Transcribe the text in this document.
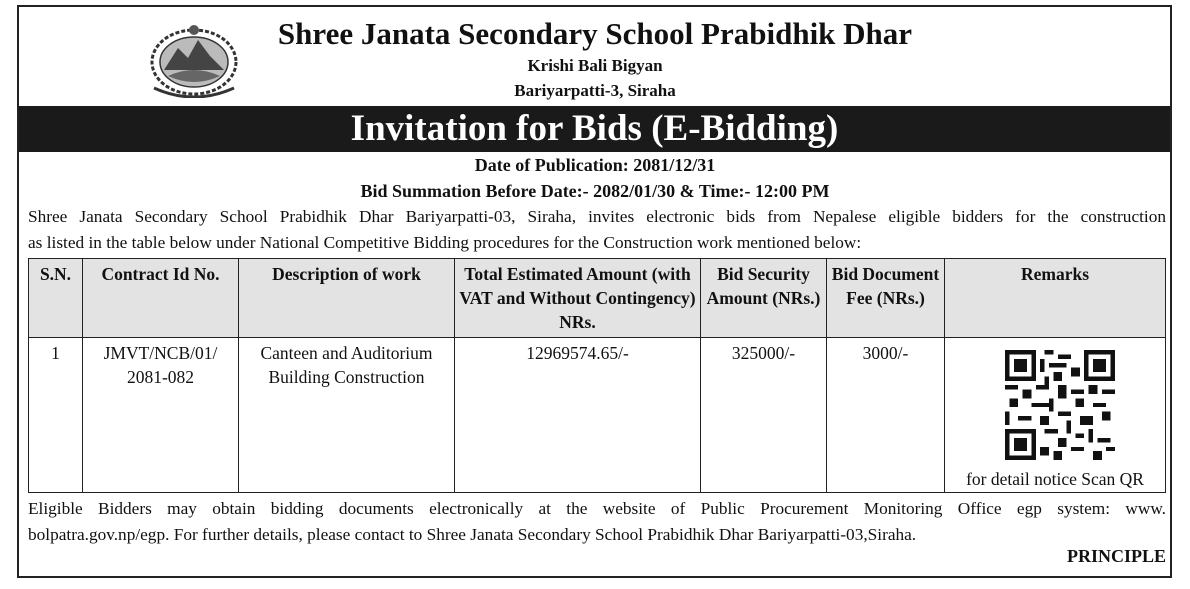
Shree Janata Secondary School Prabidhik Dhar
Krishi Bali Bigyan
Bariyarpatti-3, Siraha
Invitation for Bids (E-Bidding)
Date of Publication: 2081/12/31
Bid Summation Before Date:- 2082/01/30 & Time:- 12:00 PM
Shree Janata Secondary School Prabidhik Dhar Bariyarpatti-03, Siraha, invites electronic bids from Nepalese eligible bidders for the construction
as listed in the table below under National Competitive Bidding procedures for the Construction work mentioned below:
S.N.	Contract Id No.	Description of work	Total Estimated Amount (with VAT and Without Contingency) NRs.	Bid Security Amount (NRs.)	Bid Document Fee (NRs.)	Remarks
1	JMVT/NCB/01/ 2081-082	Canteen and Auditorium Building Construction	12969574.65/-	325000/-	3000/-	for detail notice Scan QR
Eligible Bidders may obtain bidding documents electronically at the website of Public Procurement Monitoring Office egp system: www.
bolpatra.gov.np/egp. For further details, please contact to Shree Janata Secondary School Prabidhik Dhar Bariyarpatti-03,Siraha.
PRINCIPLE
